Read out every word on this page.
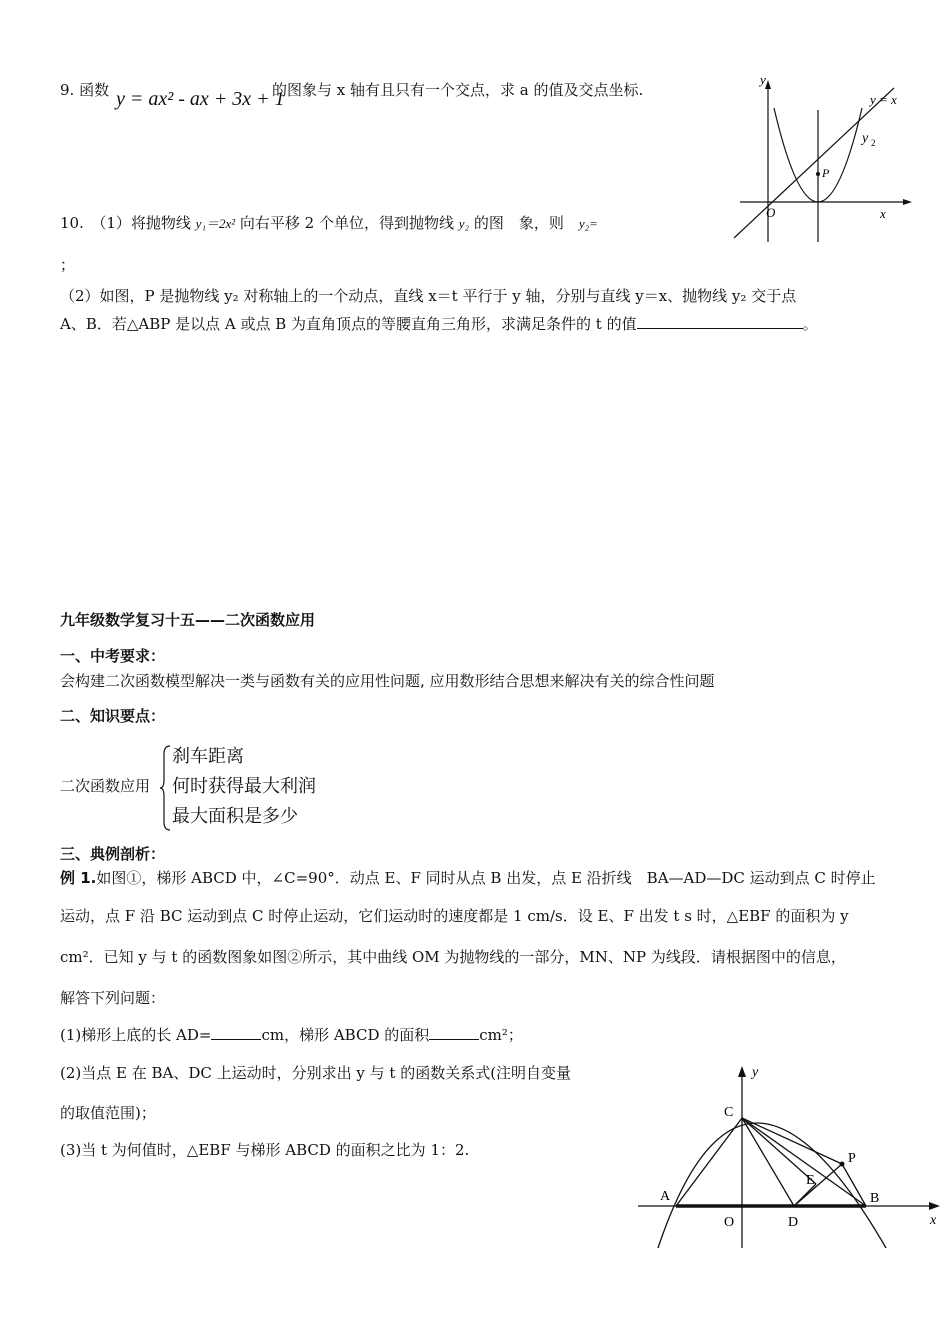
9. 函数 y = ax² - ax + 3x + 1
的图象与 x 轴有且只有一个交点，求 a 的值及交点坐标.
y
x
O
y = x
y 2
P
10.　（1）将抛物线 y₁＝2x² 向右平移 2 个单位，得到抛物线 y₂ 的图　象，则　y₂=
；
（2）如图，P 是抛物线 y₂ 对称轴上的一个动点，直线 x＝t 平行于 y 轴，分别与直线 y＝x、抛物线 y₂ 交于点
A、B．若△ABP 是以点 A 或点 B 为直角顶点的等腰直角三角形，求满足条件的 t 的值	。
九年级数学复习十五——二次函数应用
一、中考要求：
会构建二次函数模型解决一类与函数有关的应用性问题, 应用数形结合思想来解决有关的综合性问题
二、知识要点：
二次函数应用
刹车距离
何时获得最大利润
最大面积是多少
三、典例剖析：
例 1.如图①，梯形 ABCD 中，∠C=90°．动点 E、F 同时从点 B 出发，点 E 沿折线　BA—AD—DC 运动到点 C 时停止
运动，点 F 沿 BC 运动到点 C 时停止运动，它们运动时的速度都是 1 cm/s．设 E、F 出发 t s 时，△EBF 的面积为 y
cm²．已知 y 与 t 的函数图象如图②所示，其中曲线 OM 为抛物线的一部分，MN、NP 为线段．请根据图中的信息，
解答下列问题：
(1)梯形上底的长 AD=	cm，梯形 ABCD 的面积	cm²；
(2)当点 E 在 BA、DC 上运动时，分别求出 y 与 t 的函数关系式(注明自变量
的取值范围)；
(3)当 t 为何值时，△EBF 与梯形 ABCD 的面积之比为 1：2.
y
x
C
A
O	D
E
B
P
